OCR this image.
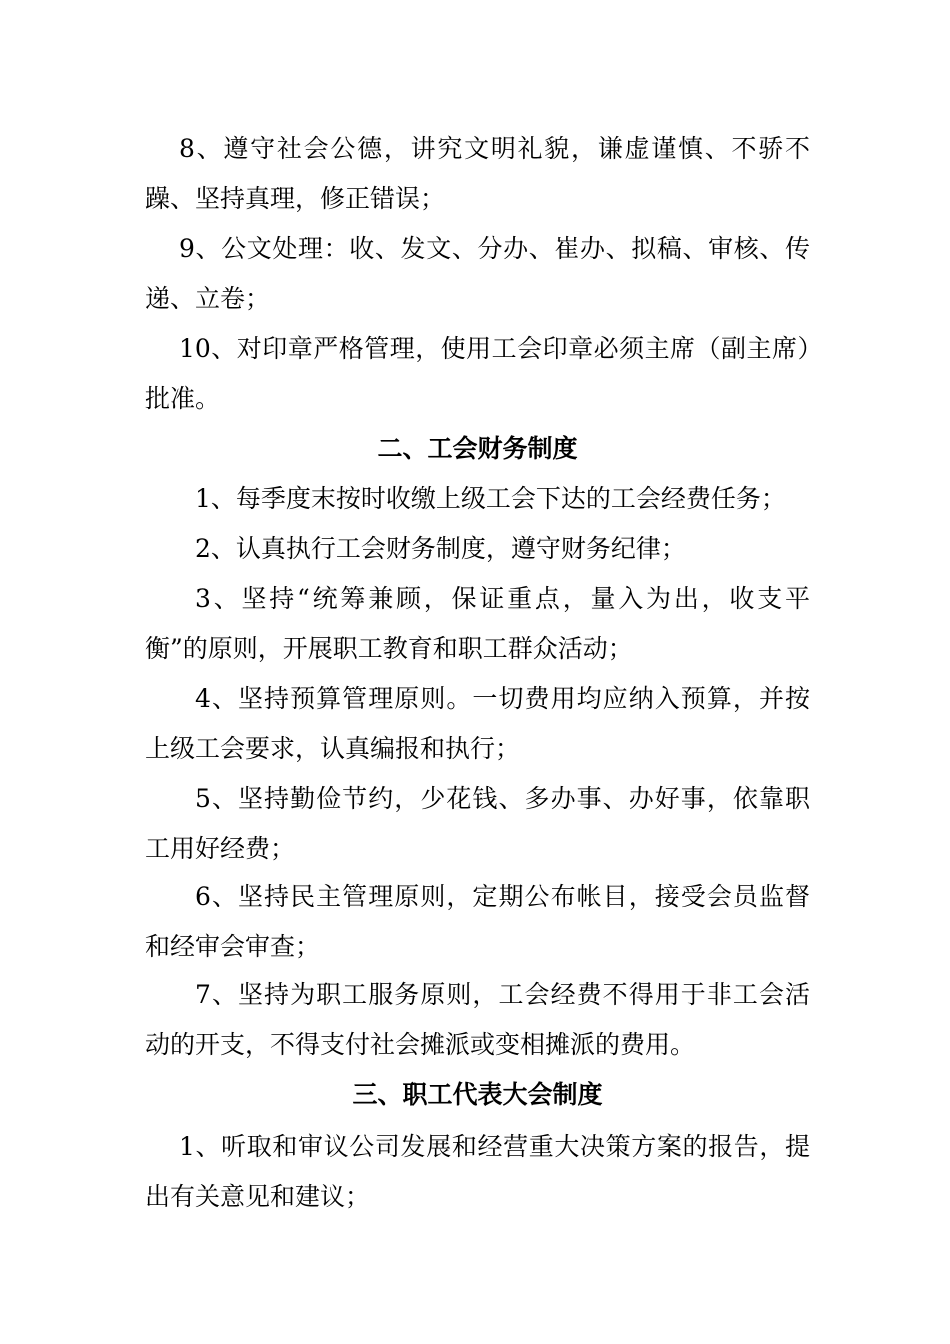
8、遵守社会公德，讲究文明礼貌，谦虚谨慎、不骄不躁、坚持真理，修正错误；

9、公文处理：收、发文、分办、崔办、拟稿、审核、传递、立卷；

10、对印章严格管理，使用工会印章必须主席（副主席）批准。

二、工会财务制度

1、每季度末按时收缴上级工会下达的工会经费任务；

2、认真执行工会财务制度，遵守财务纪律；

3、坚持“统筹兼顾，保证重点，量入为出，收支平衡”的原则，开展职工教育和职工群众活动；

4、坚持预算管理原则。一切费用均应纳入预算，并按上级工会要求，认真编报和执行；

5、坚持勤俭节约，少花钱、多办事、办好事，依靠职工用好经费；

6、坚持民主管理原则，定期公布帐目，接受会员监督和经审会审查；

7、坚持为职工服务原则，工会经费不得用于非工会活动的开支，不得支付社会摊派或变相摊派的费用。

三、职工代表大会制度

1、听取和审议公司发展和经营重大决策方案的报告，提出有关意见和建议；
